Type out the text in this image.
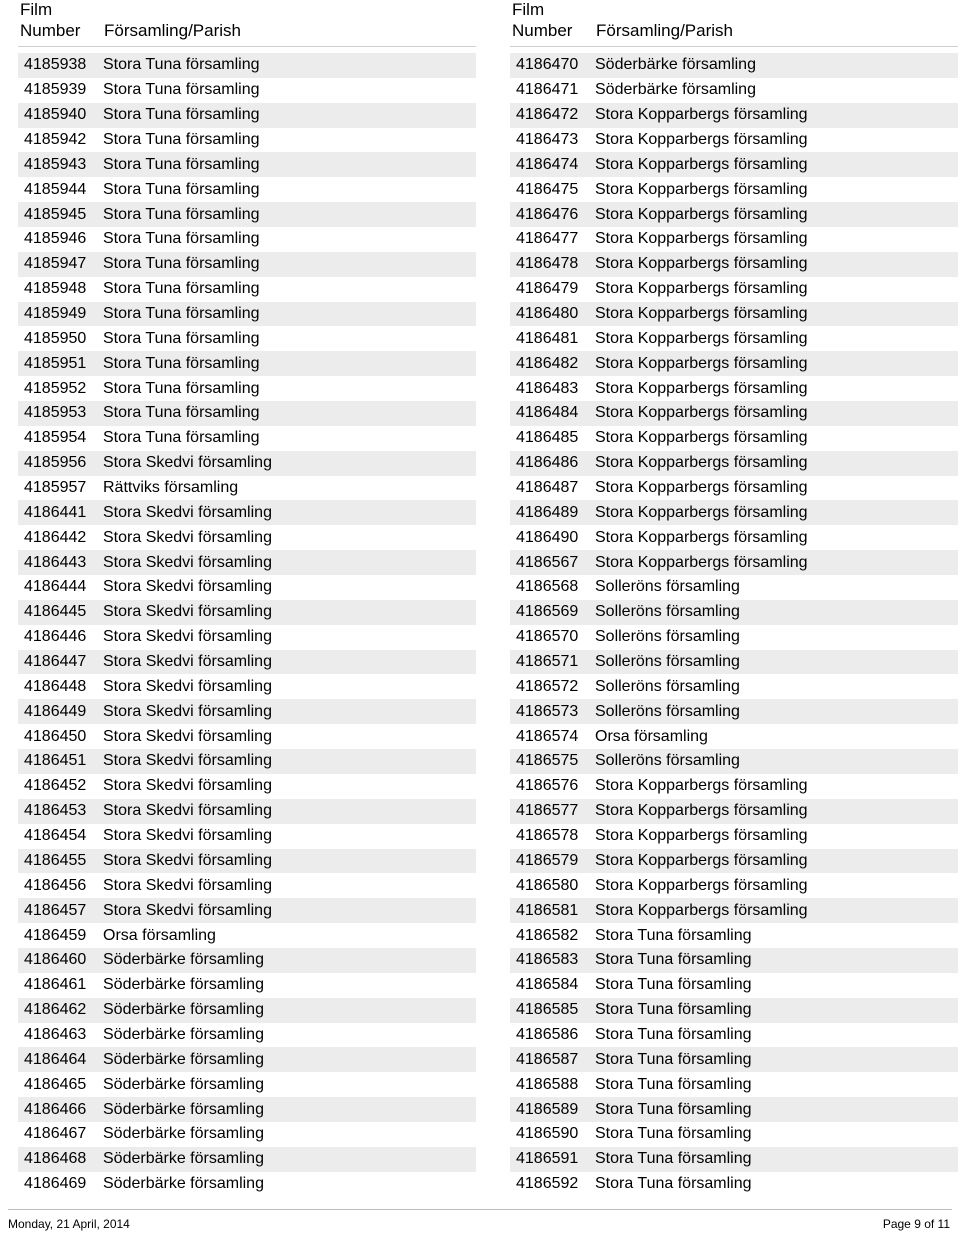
Film
Number Församling/Parish
4185938	Stora Tuna församling
4185939	Stora Tuna församling
4185940	Stora Tuna församling
4185942	Stora Tuna församling
4185943	Stora Tuna församling
4185944	Stora Tuna församling
4185945	Stora Tuna församling
4185946	Stora Tuna församling
4185947	Stora Tuna församling
4185948	Stora Tuna församling
4185949	Stora Tuna församling
4185950	Stora Tuna församling
4185951	Stora Tuna församling
4185952	Stora Tuna församling
4185953	Stora Tuna församling
4185954	Stora Tuna församling
4185956	Stora Skedvi församling
4185957	Rättviks församling
4186441	Stora Skedvi församling
4186442	Stora Skedvi församling
4186443	Stora Skedvi församling
4186444	Stora Skedvi församling
4186445	Stora Skedvi församling
4186446	Stora Skedvi församling
4186447	Stora Skedvi församling
4186448	Stora Skedvi församling
4186449	Stora Skedvi församling
4186450	Stora Skedvi församling
4186451	Stora Skedvi församling
4186452	Stora Skedvi församling
4186453	Stora Skedvi församling
4186454	Stora Skedvi församling
4186455	Stora Skedvi församling
4186456	Stora Skedvi församling
4186457	Stora Skedvi församling
4186459	Orsa församling
4186460	Söderbärke församling
4186461	Söderbärke församling
4186462	Söderbärke församling
4186463	Söderbärke församling
4186464	Söderbärke församling
4186465	Söderbärke församling
4186466	Söderbärke församling
4186467	Söderbärke församling
4186468	Söderbärke församling
4186469	Söderbärke församling
Film
Number Församling/Parish
4186470	Söderbärke församling
4186471	Söderbärke församling
4186472	Stora Kopparbergs församling
4186473	Stora Kopparbergs församling
4186474	Stora Kopparbergs församling
4186475	Stora Kopparbergs församling
4186476	Stora Kopparbergs församling
4186477	Stora Kopparbergs församling
4186478	Stora Kopparbergs församling
4186479	Stora Kopparbergs församling
4186480	Stora Kopparbergs församling
4186481	Stora Kopparbergs församling
4186482	Stora Kopparbergs församling
4186483	Stora Kopparbergs församling
4186484	Stora Kopparbergs församling
4186485	Stora Kopparbergs församling
4186486	Stora Kopparbergs församling
4186487	Stora Kopparbergs församling
4186489	Stora Kopparbergs församling
4186490	Stora Kopparbergs församling
4186567	Stora Kopparbergs församling
4186568	Solleröns församling
4186569	Solleröns församling
4186570	Solleröns församling
4186571	Solleröns församling
4186572	Solleröns församling
4186573	Solleröns församling
4186574	Orsa församling
4186575	Solleröns församling
4186576	Stora Kopparbergs församling
4186577	Stora Kopparbergs församling
4186578	Stora Kopparbergs församling
4186579	Stora Kopparbergs församling
4186580	Stora Kopparbergs församling
4186581	Stora Kopparbergs församling
4186582	Stora Tuna församling
4186583	Stora Tuna församling
4186584	Stora Tuna församling
4186585	Stora Tuna församling
4186586	Stora Tuna församling
4186587	Stora Tuna församling
4186588	Stora Tuna församling
4186589	Stora Tuna församling
4186590	Stora Tuna församling
4186591	Stora Tuna församling
4186592	Stora Tuna församling
Monday, 21 April, 2014	Page 9 of 11
